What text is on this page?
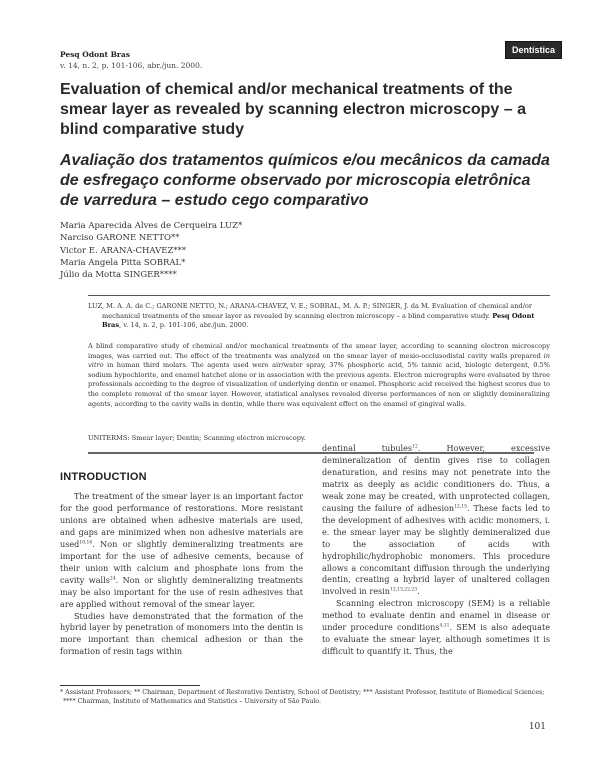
Pesq Odont Bras
v. 14, n. 2, p. 101-106, abr./jun. 2000.
Dentística
Evaluation of chemical and/or mechanical treatments of the smear layer as revealed by scanning electron microscopy – a blind comparative study
Avaliação dos tratamentos químicos e/ou mecânicos da camada de esfregaço conforme observado por microscopia eletrônica de varredura – estudo cego comparativo
Maria Aparecida Alves de Cerqueira LUZ*
Narciso GARONE NETTO**
Victor E. ARANA-CHAVEZ***
Maria Angela Pitta SOBRAL*
Júlio da Motta SINGER****
LUZ, M. A. A. de C.; GARONE NETTO, N.; ARANA-CHAVEZ, V. E.; SOBRAL, M. A. P.; SINGER, J. da M. Evaluation of chemical and/or mechanical treatments of the smear layer as revealed by scanning electron microscopy – a blind comparative study. Pesq Odont Bras, v. 14, n. 2, p. 101-106, abr./jun. 2000.
A blind comparative study of chemical and/or mechanical treatments of the smear layer, according to scanning electron microscopy images, was carried out. The effect of the treatments was analyzed on the smear layer of mesio-occlusodistal cavity walls prepared in vitro in human third molars. The agents used were air/water spray, 37% phosphoric acid, 5% tannic acid, biologic detergent, 0.5% sodium hypochlorite, and enamel hatchet alone or in association with the previous agents. Electron micrographs were evaluated by three professionals according to the degree of visualization of underlying dentin or enamel. Phosphoric acid received the highest scores due to the complete removal of the smear layer. However, statistical analyses revealed diverse performances of non or slightly demineralizing agents, according to the cavity walls in dentin, while there was equivalent effect on the enamel of gingival walls.
UNITERMS: Smear layer; Dentin; Scanning electron microscopy.
INTRODUCTION

The treatment of the smear layer is an important factor for the good performance of restorations. More resistant unions are obtained when adhesive materials are used, and gaps are minimized when non adhesive materials are used$^{10,16}$. Non or slightly demineralizing treatments are important for the use of adhesive cements, because of their union with calcium and phosphate ions from the cavity walls$^{24}$. Non or slightly demineralizing treatments may be also important for the use of resin adhesives that are applied without removal of the smear layer.

Studies have demonstrated that the formation of the hybrid layer by penetration of monomers into the dentin is more important than chemical adhesion or than the formation of resin tags within

dentinal tubules$^{12}$. However, excessive demineralization of dentin gives rise to collagen denaturation, and resins may not penetrate into the matrix as deeply as acidic conditioners do. Thus, a weak zone may be created, with unprotected collagen, causing the failure of adhesion$^{12,15}$. These facts led to the development of adhesives with acidic monomers, i. e. the smear layer may be slightly demineralized due to the association of acids with hydrophilic/hydrophobic monomers. This procedure allows a concomitant diffusion through the underlying dentin, creating a hybrid layer of unaltered collagen involved in resin$^{12,13,22,23}$.

Scanning electron microscopy (SEM) is a reliable method to evaluate dentin and enamel in disease or under procedure conditions$^{4,11}$. SEM is also adequate to evaluate the smear layer, although sometimes it is difficult to quantify it. Thus, the

* Assistant Professors; ** Chairman, Department of Restorative Dentistry, School of Dentistry; *** Assistant Professor, Institute of Biomedical Sciences; **** Chairman, Institute of Mathematics and Statistics – University of São Paulo.
101
